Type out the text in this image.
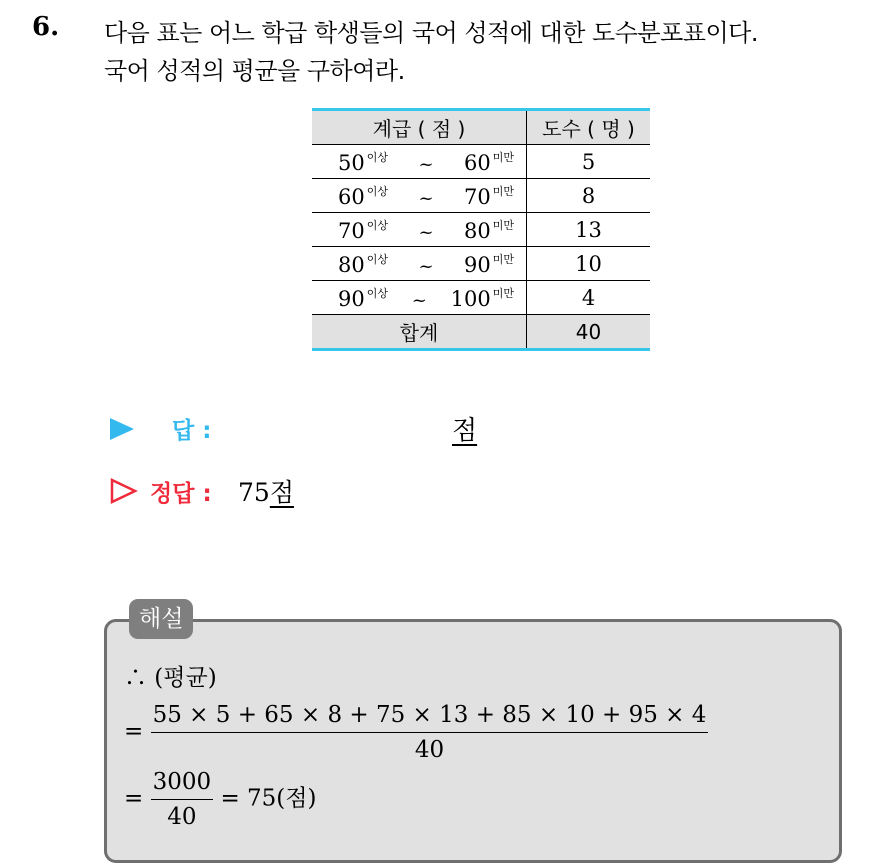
6. 다음 표는 어느 학급 학생들의 국어 성적에 대한 도수분포표이다.
국어 성적의 평균을 구하여라.
계급 ( 점 )	도수 ( 명 )

50 $^{이상}$ ~ 60 $^{미만}$	5

60 $^{이상}$ ~ 70 $^{미만}$	8

70 $^{이상}$ ~ 80 $^{미만}$	13

80 $^{이상}$ ~ 90 $^{미만}$	10

90 $^{이상}$ ~ 100 $^{미만}$	4
합계	40
답 :	점
정답 : 75점
해설
∴ (평균)
= $\frac{55 \times 5 + 65 \times 8 + 75 \times 13 + 85 \times 10 + 95 \times 4}{40}$
= $\frac{3000}{40} = 75$(점)
